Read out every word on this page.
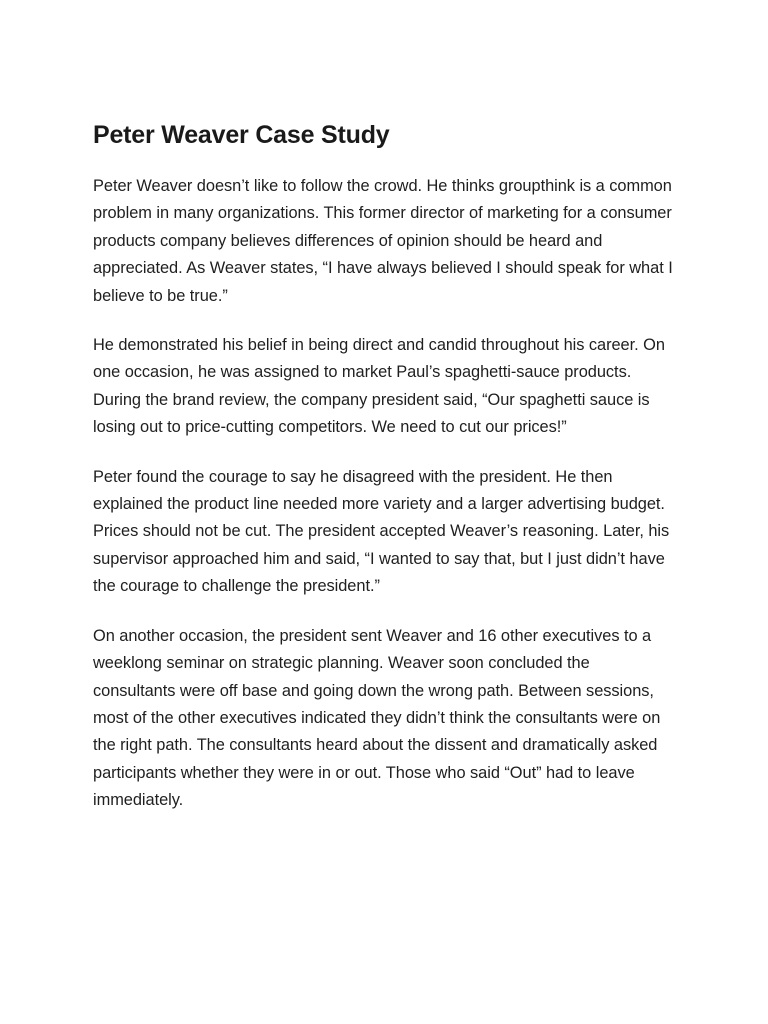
Peter Weaver Case Study

Peter Weaver doesn’t like to follow the crowd. He thinks groupthink is a common problem in many organizations. This former director of marketing for a consumer products company believes differences of opinion should be heard and appreciated. As Weaver states, “I have always believed I should speak for what I believe to be true.”

He demonstrated his belief in being direct and candid throughout his career. On one occasion, he was assigned to market Paul’s spaghetti-sauce products. During the brand review, the company president said, “Our spaghetti sauce is losing out to price-cutting competitors. We need to cut our prices!”

Peter found the courage to say he disagreed with the president. He then explained the product line needed more variety and a larger advertising budget. Prices should not be cut. The president accepted Weaver’s reasoning. Later, his supervisor approached him and said, “I wanted to say that, but I just didn’t have the courage to challenge the president.”

On another occasion, the president sent Weaver and 16 other executives to a weeklong seminar on strategic planning. Weaver soon concluded the consultants were off base and going down the wrong path. Between sessions, most of the other executives indicated they didn’t think the consultants were on the right path. The consultants heard about the dissent and dramatically asked participants whether they were in or out. Those who said “Out” had to leave immediately.
